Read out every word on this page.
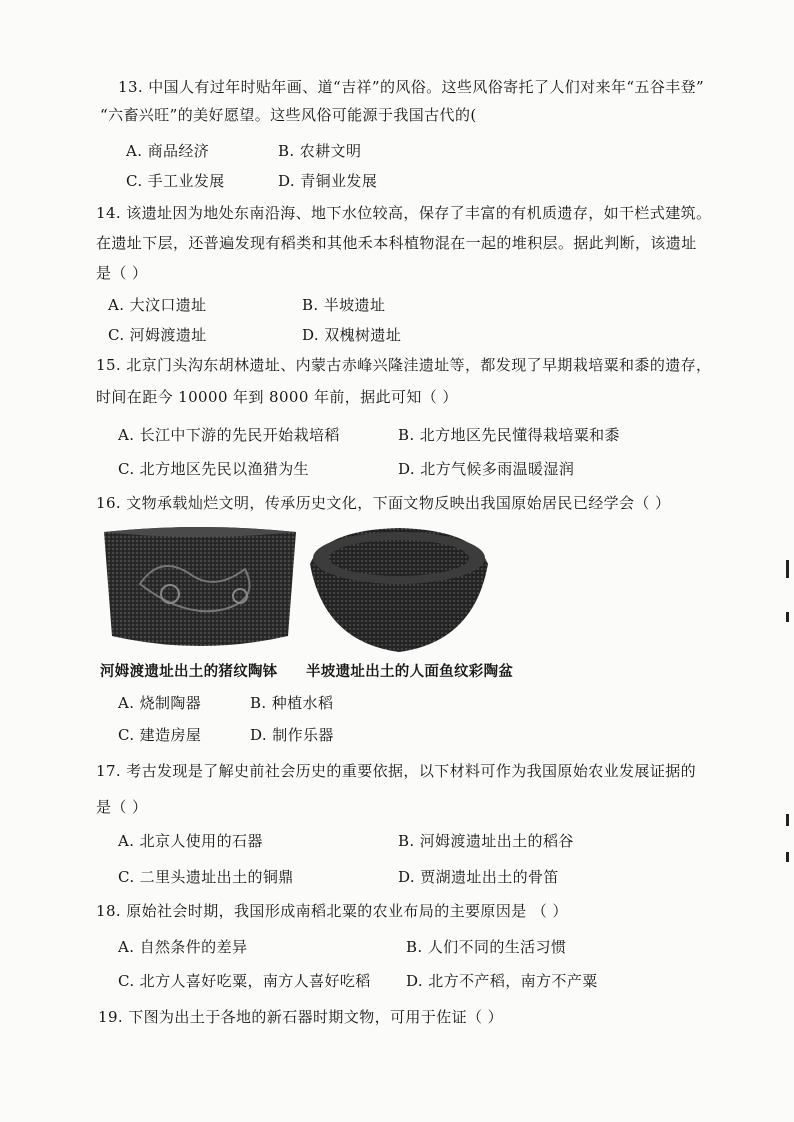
13. 中国人有过年时贴年画、道“吉祥”的风俗。这些风俗寄托了人们对来年“五谷丰登”
“六畜兴旺”的美好愿望。这些风俗可能源于我国古代的(
A. 商品经济	B. 农耕文明
C. 手工业发展	D. 青铜业发展
14. 该遗址因为地处东南沿海、地下水位较高，保存了丰富的有机质遗存，如干栏式建筑。
在遗址下层，还普遍发现有稻类和其他禾本科植物混在一起的堆积层。据此判断，该遗址
是（ ）
A. 大汶口遗址	B. 半坡遗址
C. 河姆渡遗址	D. 双槐树遗址
15. 北京门头沟东胡林遗址、内蒙古赤峰兴隆洼遗址等，都发现了早期栽培粟和黍的遗存，
时间在距今 10000 年到 8000 年前，据此可知（ ）
A. 长江中下游的先民开始栽培稻	B. 北方地区先民懂得栽培粟和黍
C. 北方地区先民以渔猎为生	D. 北方气候多雨温暖湿润
16. 文物承载灿烂文明，传承历史文化，下面文物反映出我国原始居民已经学会（ ）
河姆渡遗址出土的猪纹陶钵 半坡遗址出土的人面鱼纹彩陶盆
A. 烧制陶器	B. 种植水稻
C. 建造房屋	D. 制作乐器
17. 考古发现是了解史前社会历史的重要依据，以下材料可作为我国原始农业发展证据的
是（ ）
A. 北京人使用的石器	B. 河姆渡遗址出土的稻谷
C. 二里头遗址出土的铜鼎	D. 贾湖遗址出土的骨笛
18. 原始社会时期，我国形成南稻北粟的农业布局的主要原因是 （ ）
A. 自然条件的差异	B. 人们不同的生活习惯
C. 北方人喜好吃粟，南方人喜好吃稻 D. 北方不产稻，南方不产粟
19. 下图为出土于各地的新石器时期文物，可用于佐证（ ）
